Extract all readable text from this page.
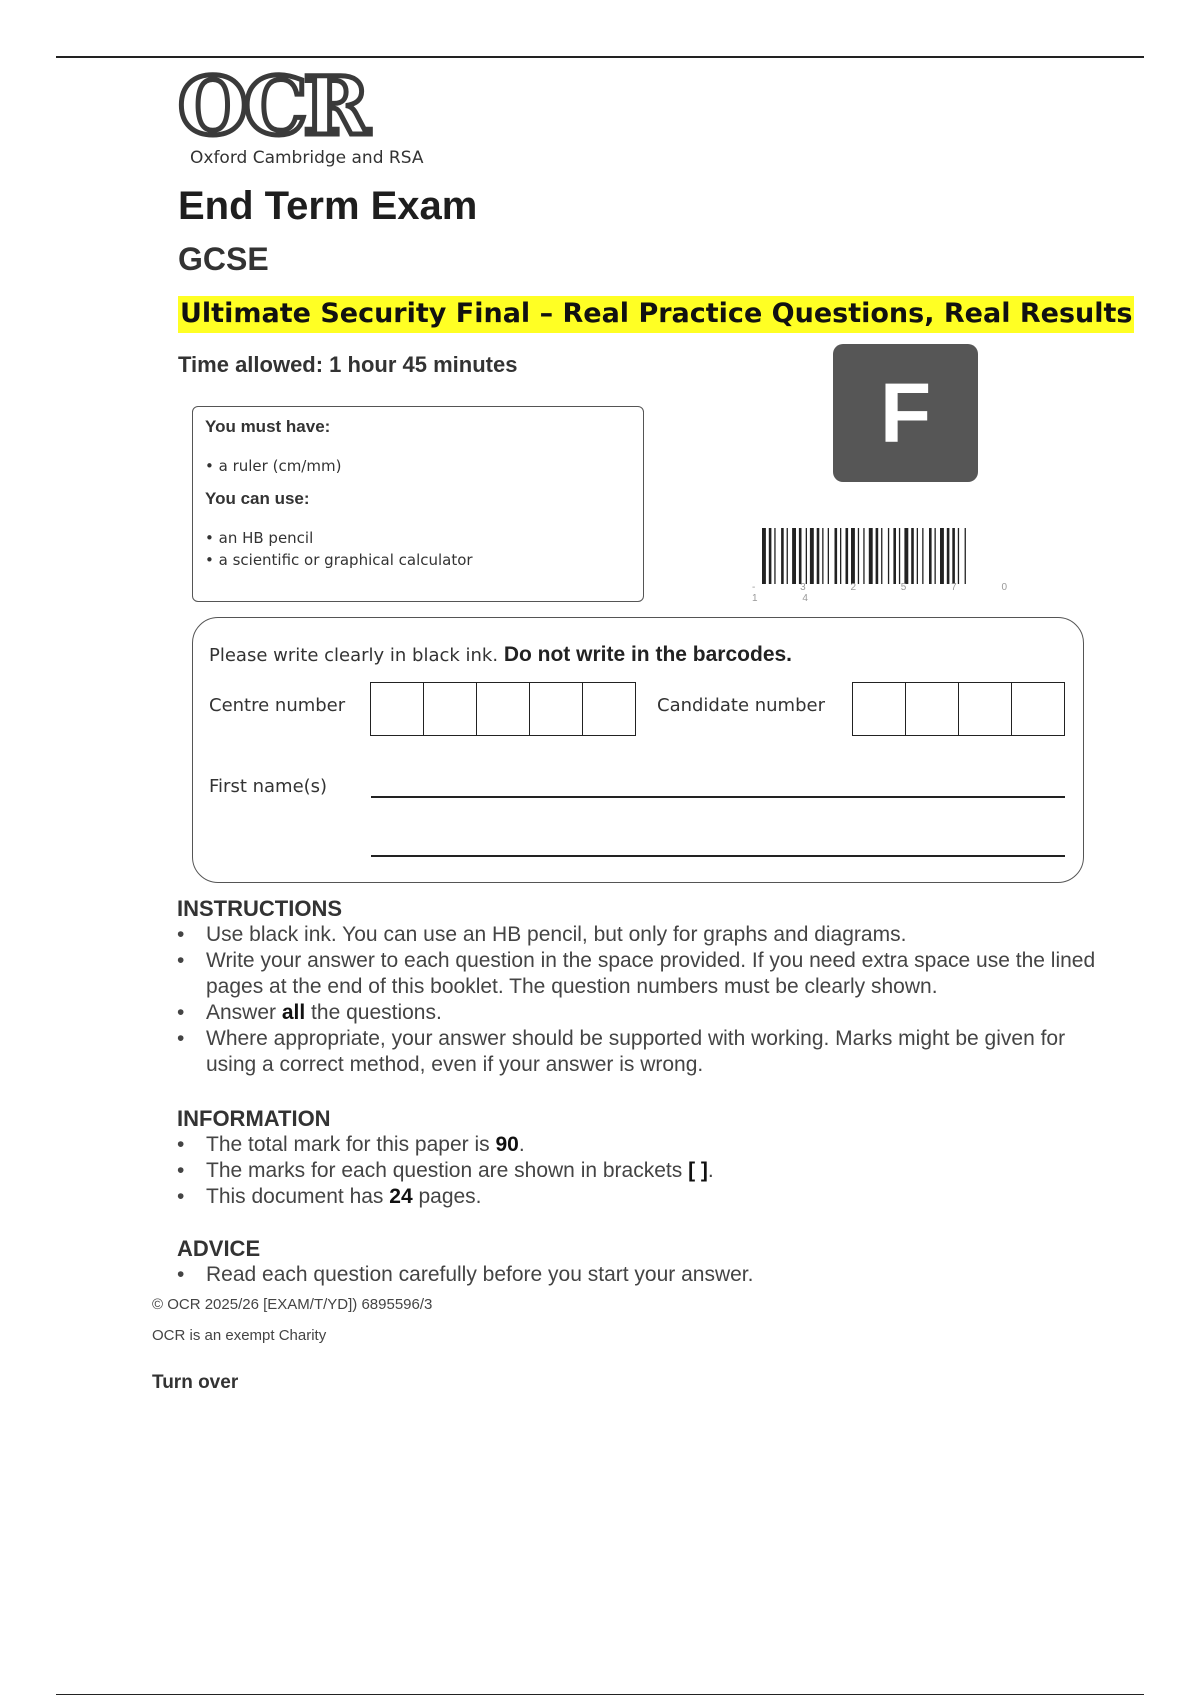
OCR
Oxford Cambridge and RSA
End Term Exam
GCSE
Ultimate Security Final – Real Practice Questions, Real Results
Time allowed: 1 hour 45 minutes
F
You must have:
• a ruler (cm/mm)
You can use:
• an HB pencil
• a scientific or graphical calculator
- 3 2 5 7 0 1 4
Please write clearly in black ink. Do not write in the barcodes.
Centre number	Candidate number
First name(s)
INSTRUCTIONS
• Use black ink. You can use an HB pencil, but only for graphs and diagrams.
• Write your answer to each question in the space provided. If you need extra space use the lined pages at the end of this booklet. The question numbers must be clearly shown.
• Answer all the questions.
• Where appropriate, your answer should be supported with working. Marks might be given for using a correct method, even if your answer is wrong.
INFORMATION
• The total mark for this paper is 90.
• The marks for each question are shown in brackets [ ].
• This document has 24 pages.
ADVICE
• Read each question carefully before you start your answer.
© OCR 2025/26 [EXAM/T/YD]) 6895596/3
OCR is an exempt Charity
Turn over
